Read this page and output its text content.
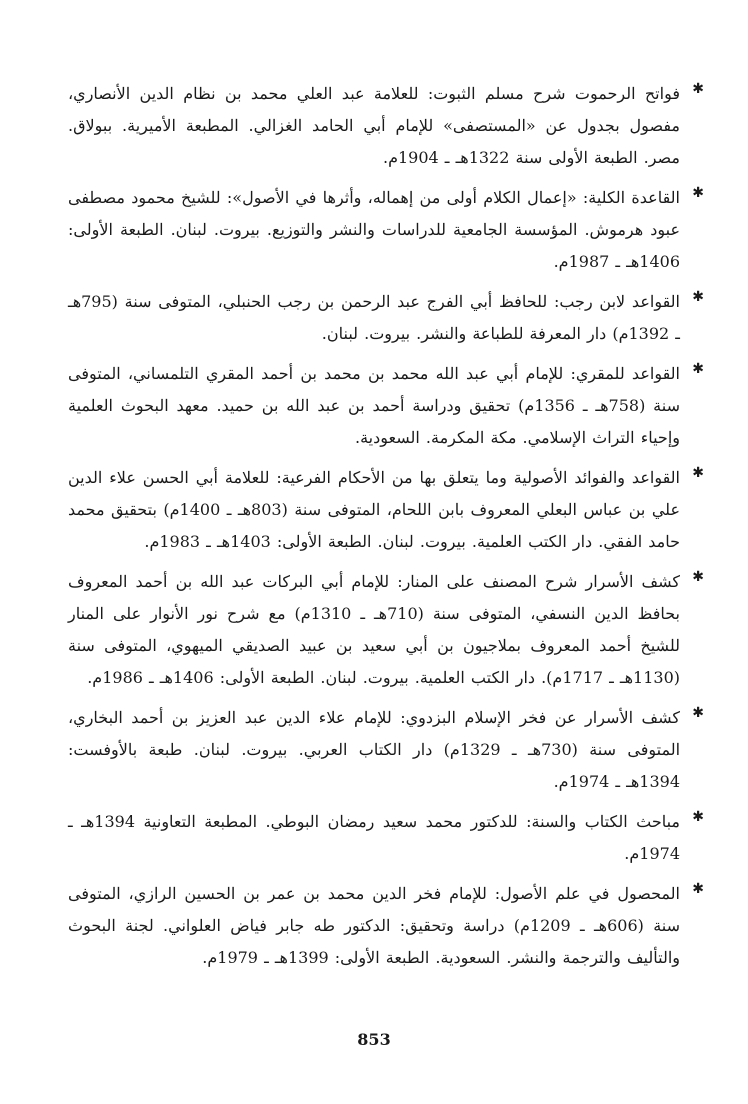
✱
فواتح الرحموت شرح مسلم الثبوت: للعلامة عبد العلي محمد بن نظام الدين الأنصاري، مفصول بجدول عن «المستصفى» للإمام أبي الحامد الغزالي. المطبعة الأميرية. ببولاق. مصر. الطبعة الأولى سنة 1322هـ ـ 1904م.
✱
القاعدة الكلية: «إعمال الكلام أولى من إهماله، وأثرها في الأصول»: للشيخ محمود مصطفى عبود هرموش. المؤسسة الجامعية للدراسات والنشر والتوزيع. بيروت. لبنان. الطبعة الأولى: 1406هـ ـ 1987م.
✱
القواعد لابن رجب: للحافظ أبي الفرج عبد الرحمن بن رجب الحنبلي، المتوفى سنة (795هـ ـ 1392م) دار المعرفة للطباعة والنشر. بيروت. لبنان.
✱
القواعد للمقري: للإمام أبي عبد الله محمد بن محمد بن أحمد المقري التلمساني، المتوفى سنة (758هـ ـ 1356م) تحقيق ودراسة أحمد بن عبد الله بن حميد. معهد البحوث العلمية وإحياء التراث الإسلامي. مكة المكرمة. السعودية.
✱
القواعد والفوائد الأصولية وما يتعلق بها من الأحكام الفرعية: للعلامة أبي الحسن علاء الدين علي بن عباس البعلي المعروف بابن اللحام، المتوفى سنة (803هـ ـ 1400م) بتحقيق محمد حامد الفقي. دار الكتب العلمية. بيروت. لبنان. الطبعة الأولى: 1403هـ ـ 1983م.
✱
كشف الأسرار شرح المصنف على المنار: للإمام أبي البركات عبد الله بن أحمد المعروف بحافظ الدين النسفي، المتوفى سنة (710هـ ـ 1310م) مع شرح نور الأنوار على المنار للشيخ أحمد المعروف بملاجيون بن أبي سعيد بن عبيد الصديقي الميهوي، المتوفى سنة (1130هـ ـ 1717م). دار الكتب العلمية. بيروت. لبنان. الطبعة الأولى: 1406هـ ـ 1986م.
✱
كشف الأسرار عن فخر الإسلام البزدوي: للإمام علاء الدين عبد العزيز بن أحمد البخاري، المتوفى سنة (730هـ ـ 1329م) دار الكتاب العربي. بيروت. لبنان. طبعة بالأوفست: 1394هـ ـ 1974م.
✱
مباحث الكتاب والسنة: للدكتور محمد سعيد رمضان البوطي. المطبعة التعاونية 1394هـ ـ 1974م.
✱
المحصول في علم الأصول: للإمام فخر الدين محمد بن عمر بن الحسين الرازي، المتوفى سنة (606هـ ـ 1209م) دراسة وتحقيق: الدكتور طه جابر فياض العلواني. لجنة البحوث والتأليف والترجمة والنشر. السعودية. الطبعة الأولى: 1399هـ ـ 1979م.
853
